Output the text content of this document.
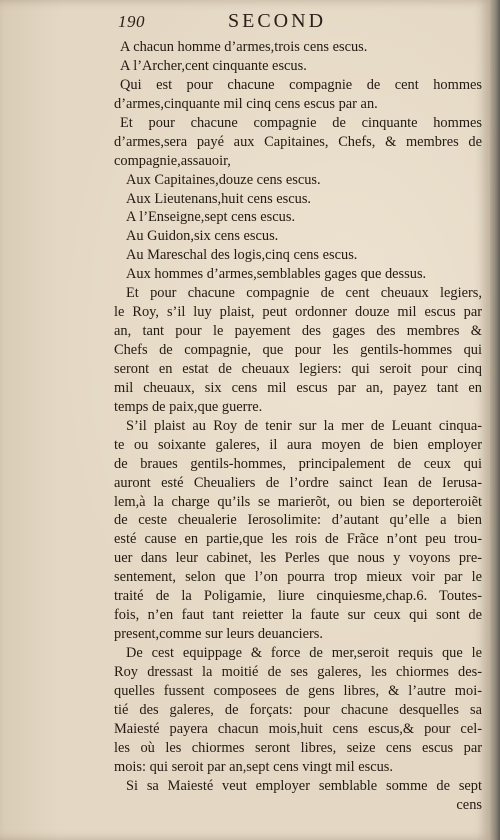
190	SECOND
A chacun homme d’armes,trois cens escus.
A l’Archer,cent cinquante escus.
Qui est pour chacune compagnie de cent hommes
d’armes,cinquante mil cinq cens escus par an.
Et pour chacune compagnie de cinquante hommes
d’armes,sera payé aux Capitaines, Chefs, & membres de
compagnie,assauoir,
Aux Capitaines,douze cens escus.
Aux Lieutenans,huit cens escus.
A l’Enseigne,sept cens escus.
Au Guidon,six cens escus.
Au Mareschal des logis,cinq cens escus.
Aux hommes d’armes,semblables gages que dessus.
Et pour chacune compagnie de cent cheuaux legiers,
le Roy, s’il luy plaist, peut ordonner douze mil escus par
an, tant pour le payement des gages des membres &
Chefs de compagnie, que pour les gentils-hommes qui
seront en estat de cheuaux legiers: qui seroit pour cinq
mil cheuaux, six cens mil escus par an, payez tant en
temps de paix,que guerre.
S’il plaist au Roy de tenir sur la mer de Leuant cinqua-
te ou soixante galeres, il aura moyen de bien employer
de braues gentils-hommes, principalement de ceux qui
auront esté Cheualiers de l’ordre sainct Iean de Ierusa-
lem,à la charge qu’ils se marierõt, ou bien se deporteroiẽt
de ceste cheualerie Ierosolimite: d’autant qu’elle a bien
esté cause en partie,que les rois de Frãce n’ont peu trou-
uer dans leur cabinet, les Perles que nous y voyons pre-
sentement, selon que l’on pourra trop mieux voir par le
traité de la Poligamie, liure cinquiesme,chap.6. Toutes-
fois, n’en faut tant reietter la faute sur ceux qui sont de
present,comme sur leurs deuanciers.
De cest equippage & force de mer,seroit requis que le
Roy dressast la moitié de ses galeres, les chiormes des-
quelles fussent composees de gens libres, & l’autre moi-
tié des galeres, de forçats: pour chacune desquelles sa
Maiesté payera chacun mois,huit cens escus,& pour cel-
les où les chiormes seront libres, seize cens escus par
mois: qui seroit par an,sept cens vingt mil escus.
Si sa Maiesté veut employer semblable somme de sept
cens
